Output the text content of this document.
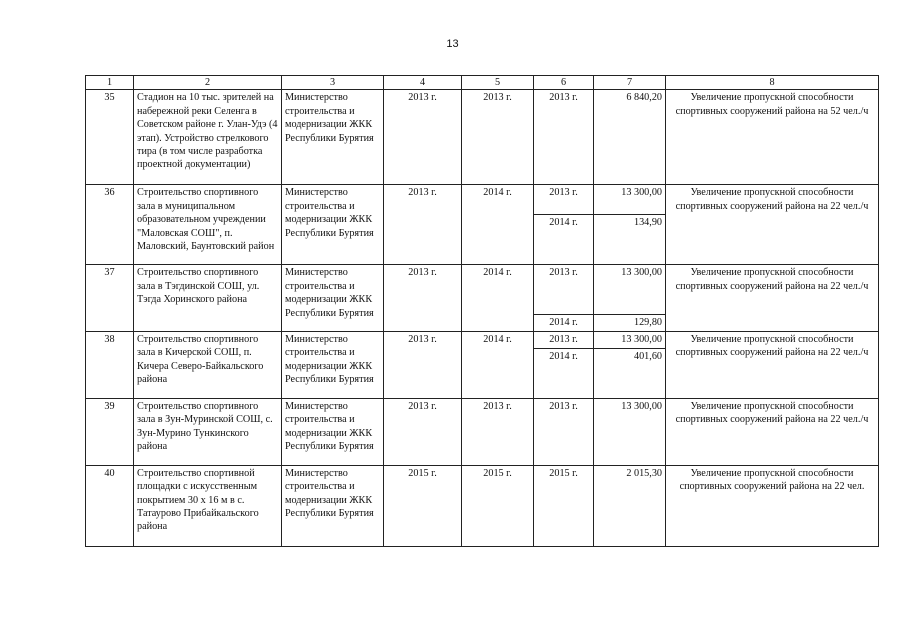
13
1	2	3	4	5	6	7	8
35	Стадион на 10 тыс. зрителей на набережной реки Селенга в Советском районе г. Улан-Удэ (4 этап). Устройство стрелкового тира (в том числе разработка проектной документации)	Министерство строительства и модернизации ЖКК Республики Бурятия	2013 г.	2013 г.	2013 г.	6 840,20	Увеличение пропускной способности спортивных сооружений района на 52 чел./ч
36	Строительство спортивного зала в муниципальном образовательном учреждении "Маловская СОШ", п. Маловский, Баунтовский район	Министерство строительства и модернизации ЖКК Республики Бурятия	2013 г.	2014 г.	2013 г.	13 300,00	Увеличение пропускной способности спортивных сооружений района на 22 чел./ч
					2014 г.	134,90	
37	Строительство спортивного зала в Тэгдинской СОШ, ул. Тэгда Хоринского района	Министерство строительства и модернизации ЖКК Республики Бурятия	2013 г.	2014 г.	2013 г.	13 300,00	Увеличение пропускной способности спортивных сооружений района на 22 чел./ч
					2014 г.	129,80	
38	Строительство спортивного зала в Кичерской СОШ, п. Кичера Северо-Байкальского района	Министерство строительства и модернизации ЖКК Республики Бурятия	2013 г.	2014 г.	2013 г.	13 300,00	Увеличение пропускной способности спортивных сооружений района на 22 чел./ч
					2014 г.	401,60	
39	Строительство спортивного зала в Зун-Муринской СОШ, с. Зун-Мурино Тункинского района	Министерство строительства и модернизации ЖКК Республики Бурятия	2013 г.	2013 г.	2013 г.	13 300,00	Увеличение пропускной способности спортивных сооружений района на 22 чел./ч
40	Строительство спортивной площадки с искусственным покрытием 30 х 16 м в с. Татаурово Прибайкальского района	Министерство строительства и модернизации ЖКК Республики Бурятия	2015 г.	2015 г.	2015 г.	2 015,30	Увеличение пропускной способности спортивных сооружений района на 22 чел.
